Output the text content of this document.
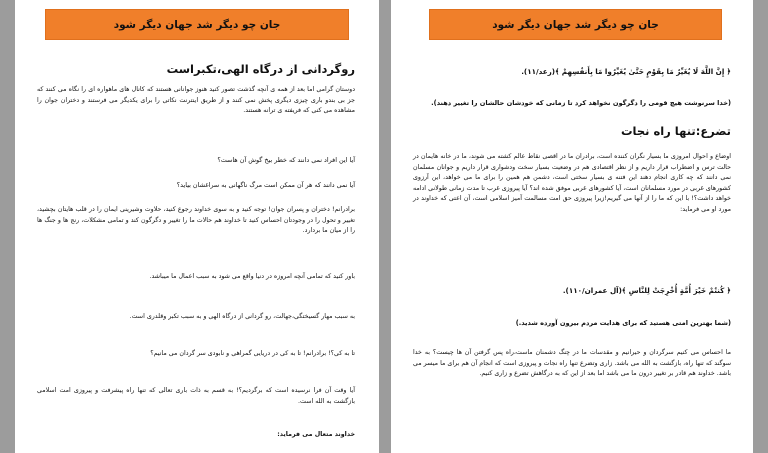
جان چو دیگر شد جهان دیگر شود
روگردانی از درگاه الهی،تکبراست

دوستان گرامی اما بعد از همه ی آنچه گذشت تصور کنید هنوز جوانانی هستند که کانال های ماهواره ای را نگاه می کنند که جز بی بندو باری چیزی دیگری پخش نمی کنند و از طریق اینترنت نکاتی را برای یکدیگر می فرستند و دختران جوان را مشاهده می کنی که فریفته ی ترانه هستند.

آیا این افراد نمی دانند که خطر بیخ گوش آن هاست؟

آیا نمی دانند که هر آن ممکن است مرگ ناگهانی به سراغشان بیاید؟

برادرانم! دختران و پسران جوان! توجه کنید و به سوی خداوند رجوع کنید، حلاوت وشیرینی ایمان را در قلب هایتان بچشید، تغییر و تحول را در وجودتان احساس کنید تا خداوند هم حالات ما را تغییر و دگرگون کند و تمامی مشکلات، رنج ها و جنگ ها را از میان ما بردارد.

باور کنید که تمامی آنچه امروزه در دنیا واقع می شود به سبب اعمال ما میباشد.

به سبب مهار گسیختگی،جهالت، رو گردانی از درگاه الهی و به سبب تکبر وقلدری است.

تا به کی؟! برادرانم! تا به کی در دریایی گمراهی و نابودی سر گردان می مانیم؟

آیا وقت آن فرا نرسیده است که برگردیم؟! به قسم به ذات باری تعالی که تنها راه پیشرفت و پیروزی امت اسلامی بازگشت به الله است.

خداوند متعال می فرماید:

جان چو دیگر شد جهان دیگر شود

﴿ إِنَّ اللَّهَ لَا يُغَيِّرُ مَا بِقَوْمٍ حَتَّىٰ يُغَيِّرُوا مَا بِأَنفُسِهِمْ ﴾(رعد/١١).

(خدا سرنوشت هیچ قومی را دگرگون نخواهد کرد تا زمانی که خودشان حالشان را تغییر دهند).

تضرع:تنها راه نجات

اوضاع و احوال امروزی ما بسیار نگران کننده است، برادران ما در اقصی نقاط عالم کشته می شوند، ما در خانه هایمان در حالت ترس و اضطراب قرار داریم و از نظر اقتصادی هم در وضعیت بسیار سخت ودشواری قرار داریم و جوانان مسلمان نمی دانند که چه کاری انجام دهند این فتنه ی بسیار سختی است، دشمن هم همین را برای ما می خواهد، این آرزوی کشورهای غربی در مورد مسلمانان است، آیا کشورهای غربی موفق شده اند؟ آیا پیروزی غرب تا مدت زمانی طولانی ادامه خواهد داشت؟! با این که ما را از آنها می گیریم!زیرا پیروزی حق امت مسالمت آمیز اسلامی است، آن اعتی که خداوند در مورد او می فرماید:

﴿ كُنتُمْ خَيْرَ أُمَّةٍ أُخْرِجَتْ لِلنَّاسِ ﴾(آل عمران/١١٠).

(شما بهترین امتی هستید که برای هدایت مردم بیرون آورده شدید.)

ما احساس می کنیم سرگردان و حیرانیم و مقدسات ما در چنگ دشمنان ماست،راه پس گرفتن آن ها چیست؟ به خدا سوگند که تنها راه، بازگشت به الله می باشد. زاری وتضرع تنها راه نجات و پیروزی است که انجام آن هم برای ما میسر می باشد. خداوند هم قادر بر تغییر درون ما می باشد اما بعد از این که به درگاهش تضرع و زاری کنیم.
